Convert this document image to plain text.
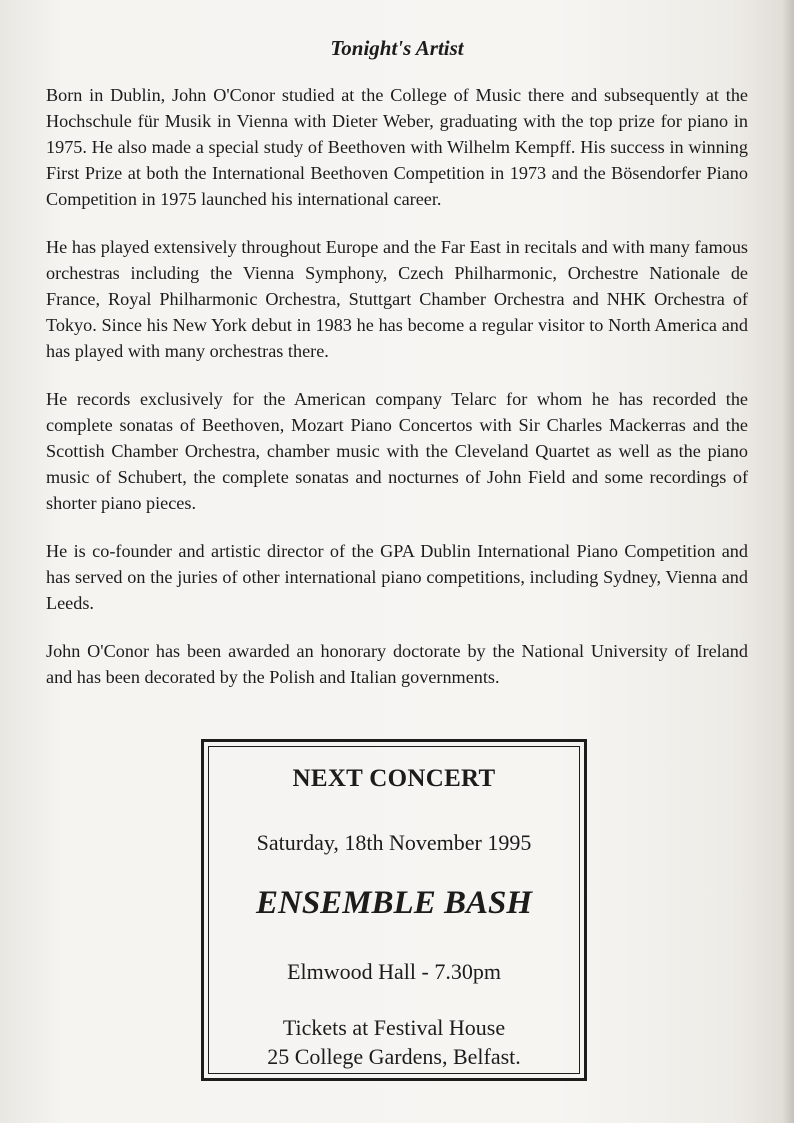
Tonight's Artist

Born in Dublin, John O'Conor studied at the College of Music there and subsequently at the Hochschule für Musik in Vienna with Dieter Weber, graduating with the top prize for piano in 1975. He also made a special study of Beethoven with Wilhelm Kempff. His success in winning First Prize at both the International Beethoven Competition in 1973 and the Bösendorfer Piano Competition in 1975 launched his international career.

He has played extensively throughout Europe and the Far East in recitals and with many famous orchestras including the Vienna Symphony, Czech Philharmonic, Orchestre Nationale de France, Royal Philharmonic Orchestra, Stuttgart Chamber Orchestra and NHK Orchestra of Tokyo. Since his New York debut in 1983 he has become a regular visitor to North America and has played with many orchestras there.

He records exclusively for the American company Telarc for whom he has recorded the complete sonatas of Beethoven, Mozart Piano Concertos with Sir Charles Mackerras and the Scottish Chamber Orchestra, chamber music with the Cleveland Quartet as well as the piano music of Schubert, the complete sonatas and nocturnes of John Field and some recordings of shorter piano pieces.

He is co-founder and artistic director of the GPA Dublin International Piano Competition and has served on the juries of other international piano competitions, including Sydney, Vienna and Leeds.

John O'Conor has been awarded an honorary doctorate by the National University of Ireland and has been decorated by the Polish and Italian governments.

NEXT CONCERT
Saturday, 18th November 1995
ENSEMBLE BASH
Elmwood Hall - 7.30pm
Tickets at Festival House
25 College Gardens, Belfast.
